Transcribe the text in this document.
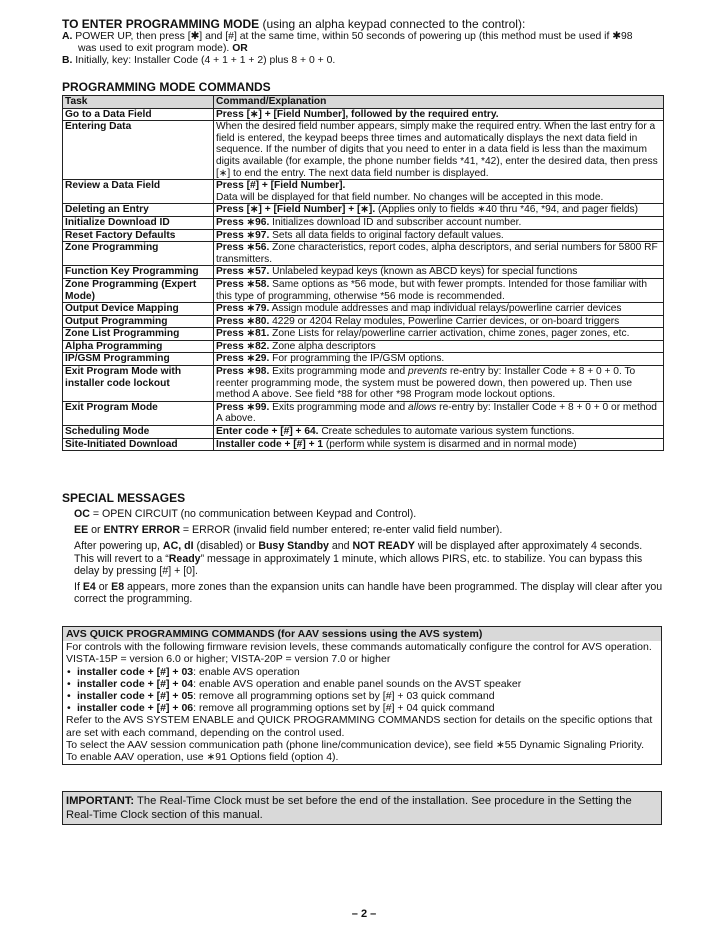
TO ENTER PROGRAMMING MODE (using an alpha keypad connected to the control):
A. POWER UP, then press [✱] and [#] at the same time, within 50 seconds of powering up (this method must be used if ✱98
was used to exit program mode). OR
B. Initially, key: Installer Code (4 + 1 + 1 + 2) plus 8 + 0 + 0.
PROGRAMMING MODE COMMANDS
Task	Command/Explanation
Go to a Data Field	Press [∗] + [Field Number], followed by the required entry.
Entering Data	When the desired field number appears, simply make the required entry. When the last entry for a field is entered, the keypad beeps three times and automatically displays the next data field in sequence. If the number of digits that you need to enter in a data field is less than the maximum digits available (for example, the phone number fields *41, *42), enter the desired data, then press [∗] to end the entry. The next data field number is displayed.
Review a Data Field	Press [#] + [Field Number].
Data will be displayed for that field number. No changes will be accepted in this mode.
Deleting an Entry	Press [∗] + [Field Number] + [∗]. (Applies only to fields ∗40 thru *46, *94, and pager fields)
Initialize Download ID	Press ∗96. Initializes download ID and subscriber account number.
Reset Factory Defaults	Press ∗97. Sets all data fields to original factory default values.
Zone Programming	Press ∗56. Zone characteristics, report codes, alpha descriptors, and serial numbers for 5800 RF transmitters.
Function Key Programming	Press ∗57. Unlabeled keypad keys (known as ABCD keys) for special functions
Zone Programming (Expert Mode)	Press ∗58. Same options as *56 mode, but with fewer prompts. Intended for those familiar with this type of programming, otherwise *56 mode is recommended.
Output Device Mapping	Press ∗79. Assign module addresses and map individual relays/powerline carrier devices
Output Programming	Press ∗80. 4229 or 4204 Relay modules, Powerline Carrier devices, or on-board triggers
Zone List Programming	Press ∗81. Zone Lists for relay/powerline carrier activation, chime zones, pager zones, etc.
Alpha Programming	Press ∗82. Zone alpha descriptors
IP/GSM Programming	Press ∗29. For programming the IP/GSM options.
Exit Program Mode with installer code lockout	Press ∗98. Exits programming mode and prevents re-entry by: Installer Code + 8 + 0 + 0. To reenter programming mode, the system must be powered down, then powered up. Then use method A above. See field *88 for other *98 Program mode lockout options.
Exit Program Mode	Press ∗99. Exits programming mode and allows re-entry by: Installer Code + 8 + 0 + 0 or method A above.
Scheduling Mode	Enter code + [#] + 64. Create schedules to automate various system functions.
Site-Initiated Download	Installer code + [#] + 1 (perform while system is disarmed and in normal mode)
SPECIAL MESSAGES
OC = OPEN CIRCUIT (no communication between Keypad and Control).
EE or ENTRY ERROR = ERROR (invalid field number entered; re-enter valid field number).
After powering up, AC, dI (disabled) or Busy Standby and NOT READY will be displayed after approximately 4 seconds. This will revert to a “Ready” message in approximately 1 minute, which allows PIRS, etc. to stabilize. You can bypass this delay by pressing [#] + [0].
If E4 or E8 appears, more zones than the expansion units can handle have been programmed. The display will clear after you correct the programming.
AVS QUICK PROGRAMMING COMMANDS (for AAV sessions using the AVS system)
For controls with the following firmware revision levels, these commands automatically configure the control for AVS operation. VISTA-15P = version 6.0 or higher; VISTA-20P = version 7.0 or higher
• installer code + [#] + 03: enable AVS operation
• installer code + [#] + 04: enable AVS operation and enable panel sounds on the AVST speaker
• installer code + [#] + 05: remove all programming options set by [#] + 03 quick command
• installer code + [#] + 06: remove all programming options set by [#] + 04 quick command
Refer to the AVS SYSTEM ENABLE and QUICK PROGRAMMING COMMANDS section for details on the specific options that are set with each command, depending on the control used.
To select the AAV session communication path (phone line/communication device), see field ∗55 Dynamic Signaling Priority.
To enable AAV operation, use ∗91 Options field (option 4).
IMPORTANT: The Real-Time Clock must be set before the end of the installation. See procedure in the Setting the Real-Time Clock section of this manual.
– 2 –
